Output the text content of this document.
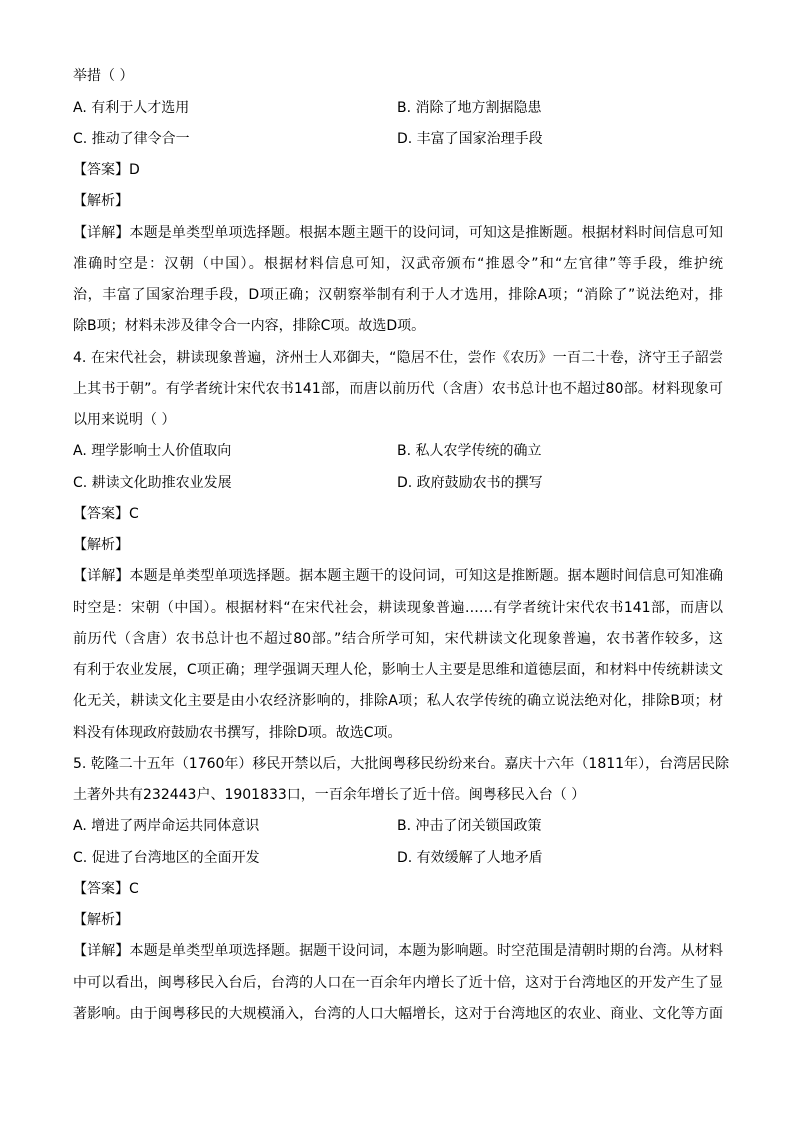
举措（ ）
A. 有利于人才选用	B. 消除了地方割据隐患
C. 推动了律令合一	D. 丰富了国家治理手段
【答案】D
【解析】
【详解】本题是单类型单项选择题。根据本题主题干的设问词，可知这是推断题。根据材料时间信息可知
准确时空是：汉朝（中国）。根据材料信息可知，汉武帝颁布“推恩令”和“左官律”等手段，维护统
治，丰富了国家治理手段，D项正确；汉朝察举制有利于人才选用，排除A项；“消除了”说法绝对，排
除B项；材料未涉及律令合一内容，排除C项。故选D项。
4. 在宋代社会，耕读现象普遍，济州士人邓御夫，“隐居不仕，尝作《农历》一百二十卷，济守王子韶尝
上其书于朝”。有学者统计宋代农书141部，而唐以前历代（含唐）农书总计也不超过80部。材料现象可
以用来说明（ ）
A. 理学影响士人价值取向	B. 私人农学传统的确立
C. 耕读文化助推农业发展	D. 政府鼓励农书的撰写
【答案】C
【解析】
【详解】本题是单类型单项选择题。据本题主题干的设问词，可知这是推断题。据本题时间信息可知准确
时空是：宋朝（中国）。根据材料“在宋代社会，耕读现象普遍……有学者统计宋代农书141部，而唐以
前历代（含唐）农书总计也不超过80部。”结合所学可知，宋代耕读文化现象普遍，农书著作较多，这
有利于农业发展，C项正确；理学强调天理人伦，影响士人主要是思维和道德层面，和材料中传统耕读文
化无关，耕读文化主要是由小农经济影响的，排除A项；私人农学传统的确立说法绝对化，排除B项；材
料没有体现政府鼓励农书撰写，排除D项。故选C项。
5. 乾隆二十五年（1760年）移民开禁以后，大批闽粤移民纷纷来台。嘉庆十六年（1811年），台湾居民除
土著外共有232443户、1901833口，一百余年增长了近十倍。闽粤移民入台（ ）
A. 增进了两岸命运共同体意识	B. 冲击了闭关锁国政策
C. 促进了台湾地区的全面开发	D. 有效缓解了人地矛盾
【答案】C
【解析】
【详解】本题是单类型单项选择题。据题干设问词，本题为影响题。时空范围是清朝时期的台湾。从材料
中可以看出，闽粤移民入台后，台湾的人口在一百余年内增长了近十倍，这对于台湾地区的开发产生了显
著影响。由于闽粤移民的大规模涌入，台湾的人口大幅增长，这对于台湾地区的农业、商业、文化等方面
